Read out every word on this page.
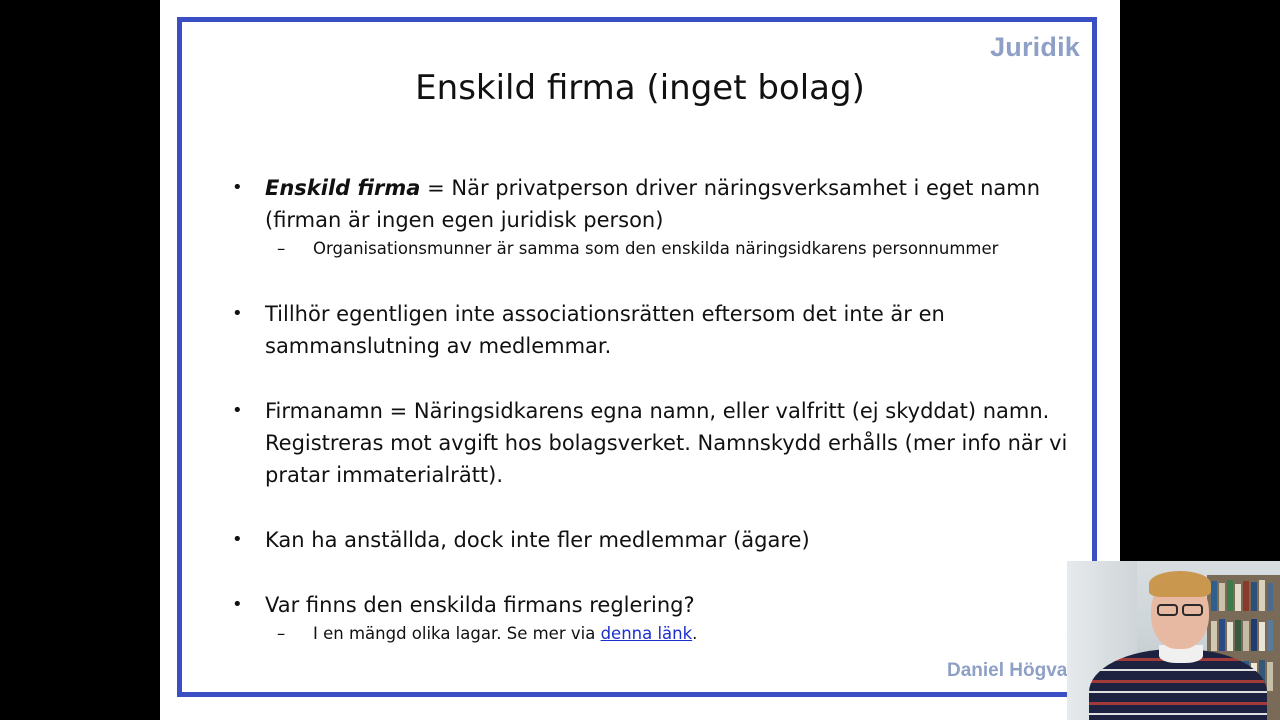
Juridik
Enskild firma (inget bolag)
• Enskild firma = När privatperson driver näringsverksamhet i eget namn (firman är ingen egen juridisk person)
– Organisationsmunner är samma som den enskilda näringsidkarens personnummer
• Tillhör egentligen inte associationsrätten eftersom det inte är en sammanslutning av medlemmar.
• Firmanamn = Näringsidkarens egna namn, eller valfritt (ej skyddat) namn. Registreras mot avgift hos bolagsverket. Namnskydd erhålls (mer info när vi pratar immaterialrätt).
• Kan ha anställda, dock inte fler medlemmar (ägare)
• Var finns den enskilda firmans reglering?
– I en mängd olika lagar. Se mer via denna länk.
Daniel Högva
